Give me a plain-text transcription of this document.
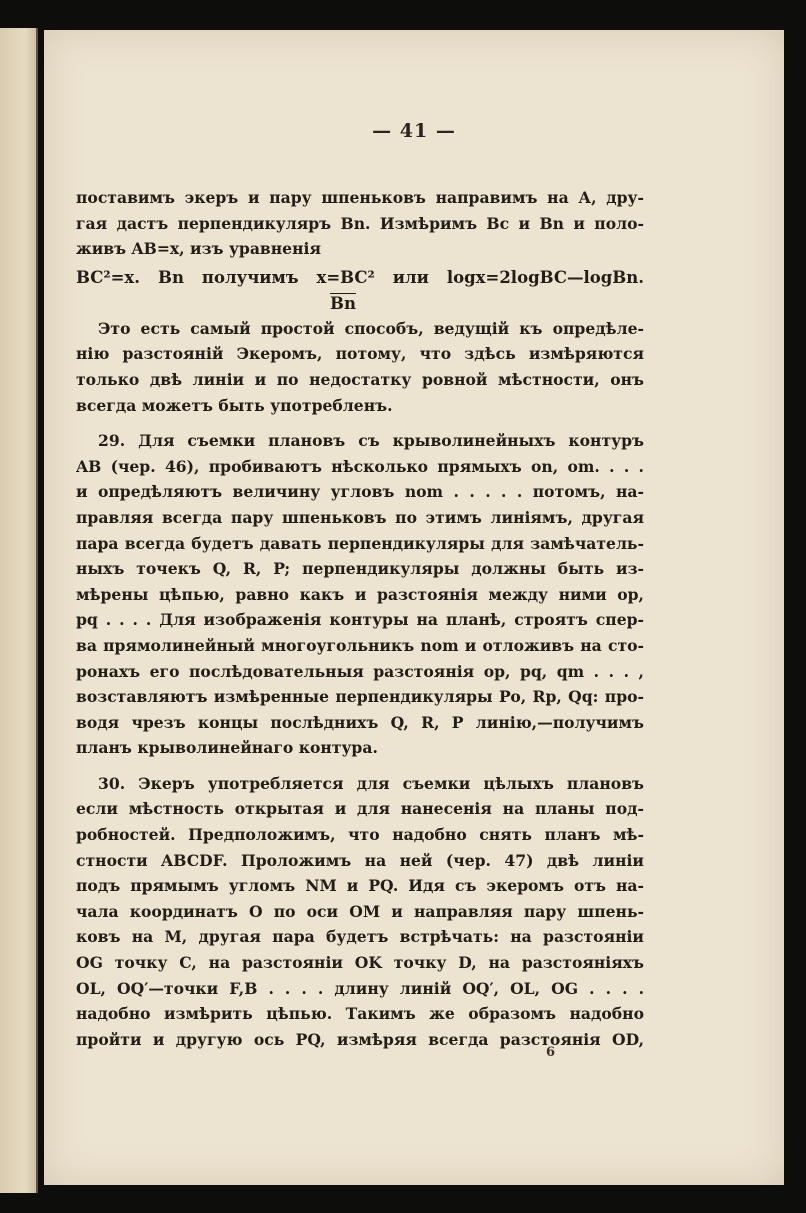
— 41 —
поставимъ экеръ и пару шпеньковъ направимъ на А, дру-
гая дастъ перпендикуляръ Bn. Измѣримъ Bc и Bn и поло-
живъ AB=x, изъ уравненія
BC²=x. Bn получимъ x=BC² или logx=2logBC—logBn.
$\overline{Bn}$
Это есть самый простой способъ, ведущій къ опредѣле-
нію разстояній Экеромъ, потому, что здѣсь измѣряются
только двѣ линіи и по недостатку ровной мѣстности, онъ
всегда можетъ быть употребленъ.
29. Для съемки плановъ съ крыволинейныхъ контуръ
AB (чер. 46), пробиваютъ нѣсколько прямыхъ on, om. . . .
и опредѣляютъ величину угловъ nom . . . . . потомъ, на-
правляя всегда пару шпеньковъ по этимъ линіямъ, другая
пара всегда будетъ давать перпендикуляры для замѣчатель-
ныхъ точекъ Q, R, P; перпендикуляры должны быть из-
мѣрены цѣпью, равно какъ и разстоянія между ними op,
pq . . . . Для изображенія контуры на планѣ, строятъ спер-
ва прямолинейный многоугольникъ nom и отложивъ на сто-
ронахъ его послѣдовательныя разстоянія op, pq, qm . . . ,
возставляютъ измѣренные перпендикуляры Po, Rp, Qq: про-
водя чрезъ концы послѣднихъ Q, R, P линію,—получимъ
планъ крыволинейнаго контура.
30. Экеръ употребляется для съемки цѣлыхъ плановъ
если мѣстность открытая и для нанесенія на планы под-
робностей. Предположимъ, что надобно снять планъ мѣ-
стности ABCDF. Проложимъ на ней (чер. 47) двѣ линіи
подъ прямымъ угломъ NM и PQ. Идя съ экеромъ отъ на-
чала координатъ O по оси OM и направляя пару шпень-
ковъ на M, другая пара будетъ встрѣчать: на разстояніи
OG точку C, на разстояніи OK точку D, на разстояніяхъ
OL, OQ′—точки F,B . . . . длину линій OQ′, OL, OG . . . .
надобно измѣрить цѣпью. Такимъ же образомъ надобно
пройти и другую ось PQ, измѣряя всегда разстоянія OD,
6
